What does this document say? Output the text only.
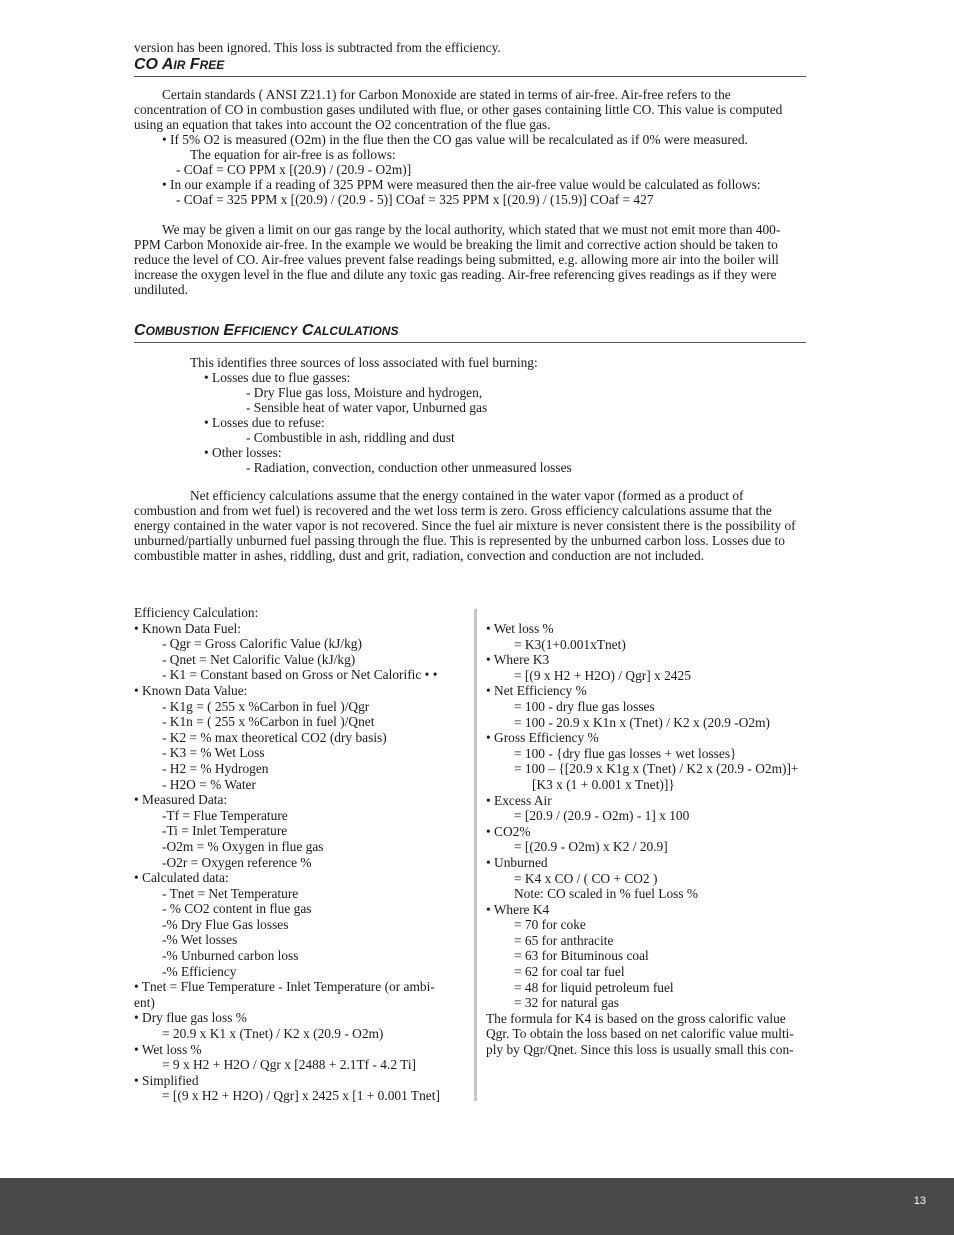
version has been ignored. This loss is subtracted from the efficiency.

CO AIR FREE

Certain standards ( ANSI Z21.1) for Carbon Monoxide are stated in terms of air-free. Air-free refers to the concentration of CO in combustion gases undiluted with flue, or other gases containing little CO. This value is computed using an equation that takes into account the O2 concentration of the flue gas.

• If 5% O2 is measured (O2m) in the flue then the CO gas value will be recalculated as if 0% were measured.

The equation for air-free is as follows:

- COaf = CO PPM x [(20.9) / (20.9 - O2m)]

• In our example if a reading of 325 PPM were measured then the air-free value would be calculated as follows:

- COaf = 325 PPM x [(20.9) / (20.9 - 5)] COaf = 325 PPM x [(20.9) / (15.9)] COaf = 427

We may be given a limit on our gas range by the local authority, which stated that we must not emit more than 400-PPM Carbon Monoxide air-free. In the example we would be breaking the limit and corrective action should be taken to reduce the level of CO. Air-free values prevent false readings being submitted, e.g. allowing more air into the boiler will increase the oxygen level in the flue and dilute any toxic gas reading. Air-free referencing gives readings as if they were undiluted.

COMBUSTION EFFICIENCY CALCULATIONS

This identifies three sources of loss associated with fuel burning:

• Losses due to flue gasses:

- Dry Flue gas loss, Moisture and hydrogen,

- Sensible heat of water vapor, Unburned gas

• Losses due to refuse:

- Combustible in ash, riddling and dust

• Other losses:

- Radiation, convection, conduction other unmeasured losses

Net efficiency calculations assume that the energy contained in the water vapor (formed as a product of combustion and from wet fuel) is recovered and the wet loss term is zero. Gross efficiency calculations assume that the energy contained in the water vapor is not recovered. Since the fuel air mixture is never consistent there is the possibility of unburned/partially unburned fuel passing through the flue. This is represented by the unburned carbon loss. Losses due to combustible matter in ashes, riddling, dust and grit, radiation, convection and conduction are not included.

Efficiency Calculation:

• Known Data Fuel:

- Qgr = Gross Calorific Value (kJ/kg)

- Qnet = Net Calorific Value (kJ/kg)

- K1 = Constant based on Gross or Net Calorific • •

• Known Data Value:

- K1g = ( 255 x %Carbon in fuel )/Qgr

- K1n = ( 255 x %Carbon in fuel )/Qnet

- K2 = % max theoretical CO2 (dry basis)

- K3 = % Wet Loss

- H2 = % Hydrogen

- H2O = % Water

• Measured Data:

-Tf = Flue Temperature

-Ti = Inlet Temperature

-O2m = % Oxygen in flue gas

-O2r = Oxygen reference %

• Calculated data:

- Tnet = Net Temperature

- % CO2 content in flue gas

-% Dry Flue Gas losses

-% Wet losses

-% Unburned carbon loss

-% Efficiency

• Tnet = Flue Temperature - Inlet Temperature (or ambi-

ent)

• Dry flue gas loss %

= 20.9 x K1 x (Tnet) / K2 x (20.9 - O2m)

• Wet loss %

= 9 x H2 + H2O / Qgr x [2488 + 2.1Tf - 4.2 Ti]

• Simplified

= [(9 x H2 + H2O) / Qgr] x 2425 x [1 + 0.001 Tnet]

• Wet loss %

= K3(1+0.001xTnet)

• Where K3

= [(9 x H2 + H2O) / Qgr] x 2425

• Net Efficiency %

= 100 - dry flue gas losses

= 100 - 20.9 x K1n x (Tnet) / K2 x (20.9 -O2m)

• Gross Efficiency %

= 100 - {dry flue gas losses + wet losses}

= 100 – {[20.9 x K1g x (Tnet) / K2 x (20.9 - O2m)]+

[K3 x (1 + 0.001 x Tnet)]}

• Excess Air

= [20.9 / (20.9 - O2m) - 1] x 100

• CO2%

= [(20.9 - O2m) x K2 / 20.9]

• Unburned

= K4 x CO / ( CO + CO2 )

Note: CO scaled in % fuel Loss %

• Where K4

= 70 for coke

= 65 for anthracite

= 63 for Bituminous coal

= 62 for coal tar fuel

= 48 for liquid petroleum fuel

= 32 for natural gas

The formula for K4 is based on the gross calorific value

Qgr. To obtain the loss based on net calorific value multi-

ply by Qgr/Qnet. Since this loss is usually small this con-

13
